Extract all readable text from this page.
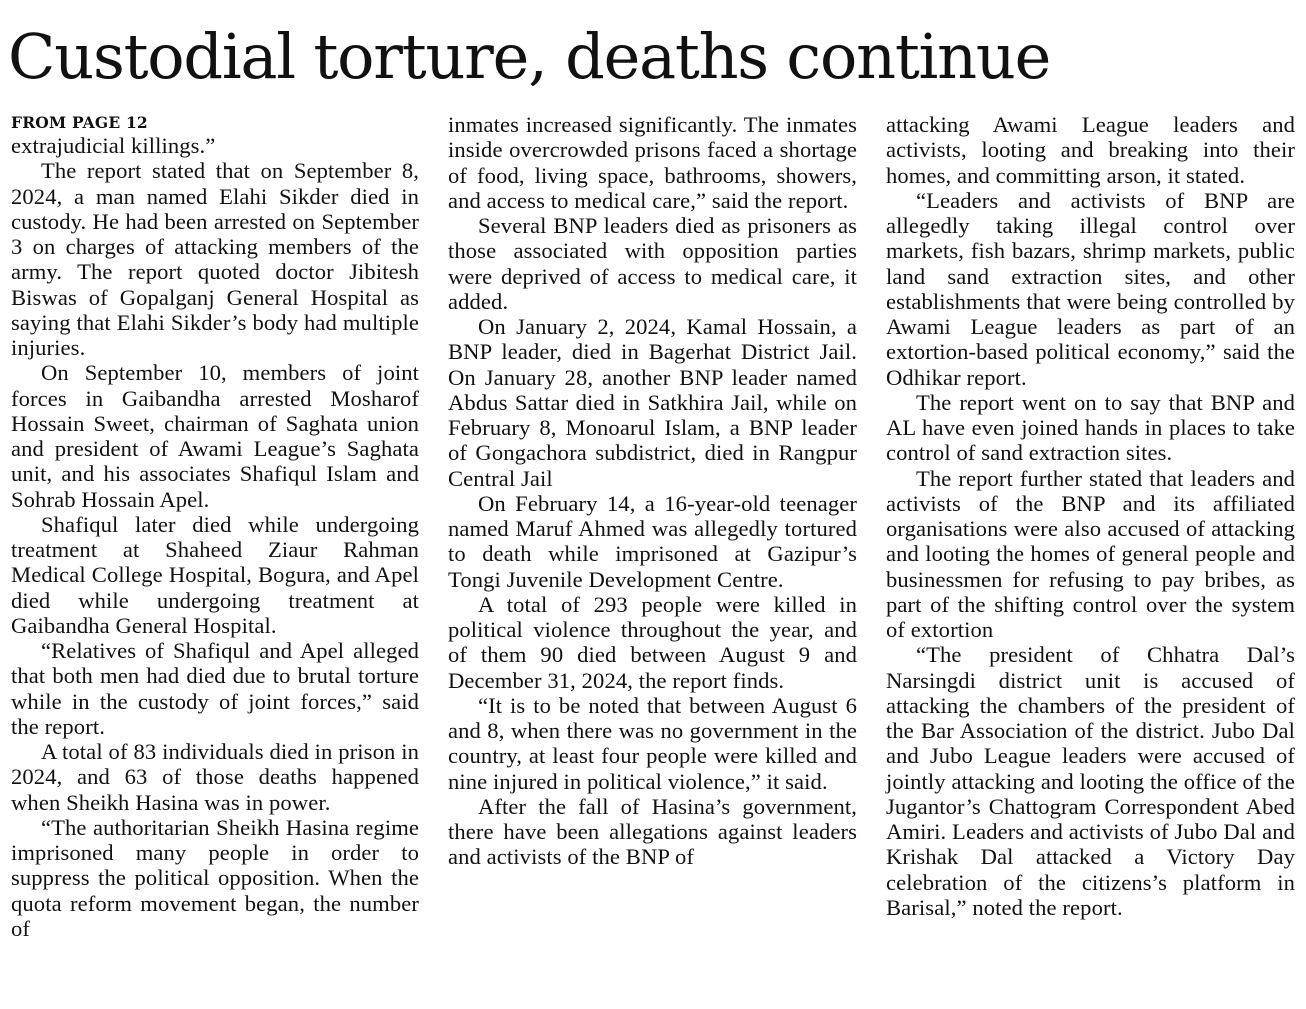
Custodial torture, deaths continue
FROM PAGE 12

extrajudicial killings.”

The report stated that on September 8, 2024, a man named Elahi Sikder died in custody. He had been arrested on September 3 on charges of attacking members of the army. The report quoted doctor Jibitesh Biswas of Gopalganj General Hospital as saying that Elahi Sikder’s body had multiple injuries.

On September 10, members of joint forces in Gaibandha arrested Mosharof Hossain Sweet, chairman of Saghata union and president of Awami League’s Saghata unit, and his associates Shafiqul Islam and Sohrab Hossain Apel.

Shafiqul later died while undergoing treatment at Shaheed Ziaur Rahman Medical College Hospital, Bogura, and Apel died while undergoing treatment at Gaibandha General Hospital.

“Relatives of Shafiqul and Apel alleged that both men had died due to brutal torture while in the custody of joint forces,” said the report.

A total of 83 individuals died in prison in 2024, and 63 of those deaths happened when Sheikh Hasina was in power.

“The authoritarian Sheikh Hasina regime imprisoned many people in order to suppress the political opposition. When the quota reform movement began, the number of

inmates increased significantly. The inmates inside overcrowded prisons faced a shortage of food, living space, bathrooms, showers, and access to medical care,” said the report.

Several BNP leaders died as prisoners as those associated with opposition parties were deprived of access to medical care, it added.

On January 2, 2024, Kamal Hossain, a BNP leader, died in Bagerhat District Jail. On January 28, another BNP leader named Abdus Sattar died in Satkhira Jail, while on February 8, Monoarul Islam, a BNP leader of Gongachora subdistrict, died in Rangpur Central Jail

On February 14, a 16-year-old teenager named Maruf Ahmed was allegedly tortured to death while imprisoned at Gazipur’s Tongi Juvenile Development Centre.

A total of 293 people were killed in political violence throughout the year, and of them 90 died between August 9 and December 31, 2024, the report finds.

“It is to be noted that between August 6 and 8, when there was no government in the country, at least four people were killed and nine injured in political violence,” it said.

After the fall of Hasina’s government, there have been allegations against leaders and activists of the BNP of

attacking Awami League leaders and activists, looting and breaking into their homes, and committing arson, it stated.

“Leaders and activists of BNP are allegedly taking illegal control over markets, fish bazars, shrimp markets, public land sand extraction sites, and other establishments that were being controlled by Awami League leaders as part of an extortion-based political economy,” said the Odhikar report.

The report went on to say that BNP and AL have even joined hands in places to take control of sand extraction sites.

The report further stated that leaders and activists of the BNP and its affiliated organisations were also accused of attacking and looting the homes of general people and businessmen for refusing to pay bribes, as part of the shifting control over the system of extortion

“The president of Chhatra Dal’s Narsingdi district unit is accused of attacking the chambers of the president of the Bar Association of the district. Jubo Dal and Jubo League leaders were accused of jointly attacking and looting the office of the Jugantor’s Chattogram Correspondent Abed Amiri. Leaders and activists of Jubo Dal and Krishak Dal attacked a Victory Day celebration of the citizens’s platform in Barisal,” noted the report.
